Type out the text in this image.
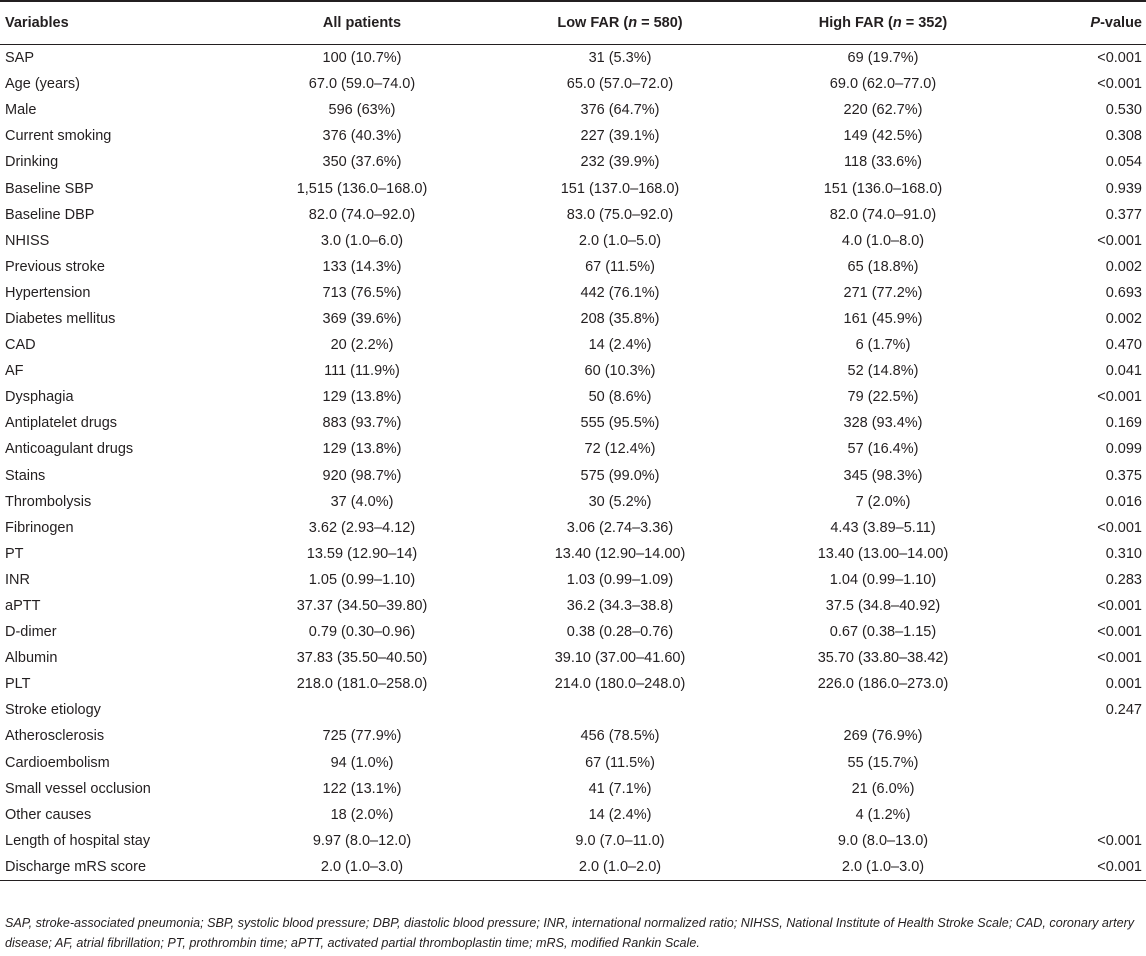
Variables	All patients	Low FAR (n = 580)	High FAR (n = 352)	P-value
SAP	100 (10.7%)	31 (5.3%)	69 (19.7%)	<0.001
Age (years)	67.0 (59.0–74.0)	65.0 (57.0–72.0)	69.0 (62.0–77.0)	<0.001
Male	596 (63%)	376 (64.7%)	220 (62.7%)	0.530
Current smoking	376 (40.3%)	227 (39.1%)	149 (42.5%)	0.308
Drinking	350 (37.6%)	232 (39.9%)	118 (33.6%)	0.054
Baseline SBP	1,515 (136.0–168.0)	151 (137.0–168.0)	151 (136.0–168.0)	0.939
Baseline DBP	82.0 (74.0–92.0)	83.0 (75.0–92.0)	82.0 (74.0–91.0)	0.377
NHISS	3.0 (1.0–6.0)	2.0 (1.0–5.0)	4.0 (1.0–8.0)	<0.001
Previous stroke	133 (14.3%)	67 (11.5%)	65 (18.8%)	0.002
Hypertension	713 (76.5%)	442 (76.1%)	271 (77.2%)	0.693
Diabetes mellitus	369 (39.6%)	208 (35.8%)	161 (45.9%)	0.002
CAD	20 (2.2%)	14 (2.4%)	6 (1.7%)	0.470
AF	111 (11.9%)	60 (10.3%)	52 (14.8%)	0.041
Dysphagia	129 (13.8%)	50 (8.6%)	79 (22.5%)	<0.001
Antiplatelet drugs	883 (93.7%)	555 (95.5%)	328 (93.4%)	0.169
Anticoagulant drugs	129 (13.8%)	72 (12.4%)	57 (16.4%)	0.099
Stains	920 (98.7%)	575 (99.0%)	345 (98.3%)	0.375
Thrombolysis	37 (4.0%)	30 (5.2%)	7 (2.0%)	0.016
Fibrinogen	3.62 (2.93–4.12)	3.06 (2.74–3.36)	4.43 (3.89–5.11)	<0.001
PT	13.59 (12.90–14)	13.40 (12.90–14.00)	13.40 (13.00–14.00)	0.310
INR	1.05 (0.99–1.10)	1.03 (0.99–1.09)	1.04 (0.99–1.10)	0.283
aPTT	37.37 (34.50–39.80)	36.2 (34.3–38.8)	37.5 (34.8–40.92)	<0.001
D-dimer	0.79 (0.30–0.96)	0.38 (0.28–0.76)	0.67 (0.38–1.15)	<0.001
Albumin	37.83 (35.50–40.50)	39.10 (37.00–41.60)	35.70 (33.80–38.42)	<0.001
PLT	218.0 (181.0–258.0)	214.0 (180.0–248.0)	226.0 (186.0–273.0)	0.001
Stroke etiology				0.247
Atherosclerosis	725 (77.9%)	456 (78.5%)	269 (76.9%)	
Cardioembolism	94 (1.0%)	67 (11.5%)	55 (15.7%)	
Small vessel occlusion	122 (13.1%)	41 (7.1%)	21 (6.0%)	
Other causes	18 (2.0%)	14 (2.4%)	4 (1.2%)	
Length of hospital stay	9.97 (8.0–12.0)	9.0 (7.0–11.0)	9.0 (8.0–13.0)	<0.001
Discharge mRS score	2.0 (1.0–3.0)	2.0 (1.0–2.0)	2.0 (1.0–3.0)	<0.001
SAP, stroke-associated pneumonia; SBP, systolic blood pressure; DBP, diastolic blood pressure; INR, international normalized ratio; NIHSS, National Institute of Health Stroke Scale; CAD, coronary artery disease; AF, atrial fibrillation; PT, prothrombin time; aPTT, activated partial thromboplastin time; mRS, modified Rankin Scale.
